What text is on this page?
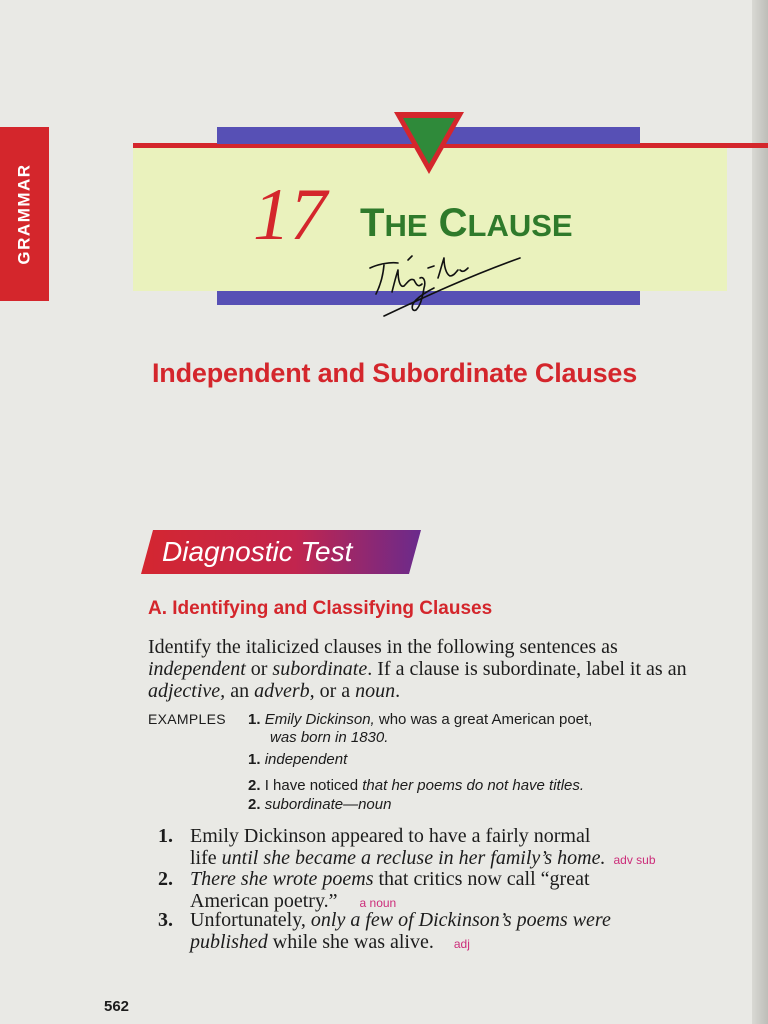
GRAMMAR	17 THE CLAUSE
Independent and Subordinate Clauses
Diagnostic Test
A. Identifying and Classifying Clauses
Identify the italicized clauses in the following sentences as independent or subordinate. If a clause is subordinate, label it as an adjective, an adverb, or a noun.
EXAMPLES 1. Emily Dickinson, who was a great American poet,
was born in 1830.
1. independent
2. I have noticed that her poems do not have titles.
2. subordinate—noun
1. Emily Dickinson appeared to have a fairly normal
life until she became a recluse in her family’s home. adv sub
2. There she wrote poems that critics now call “great
American poetry.” a noun
3. Unfortunately, only a few of Dickinson’s poems were
published while she was alive. adj
562
